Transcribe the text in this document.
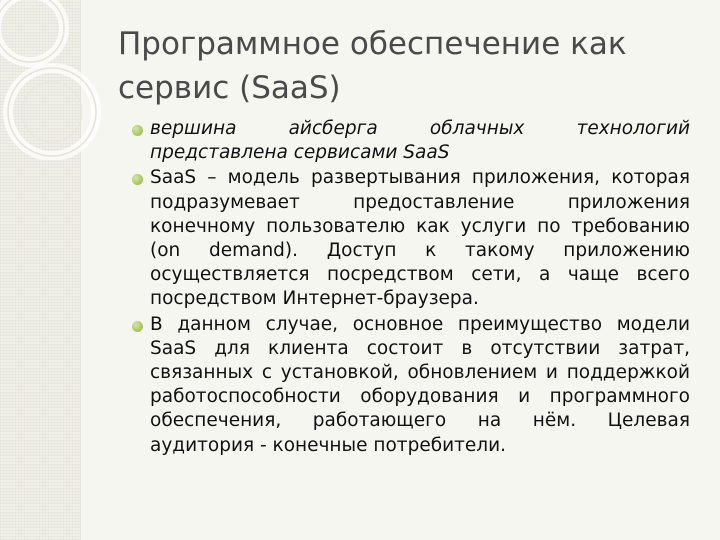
Программное обеспечение как сервис (SaaS)
вершина айсберга облачных технологий представлена сервисами SaaS
SaaS – модель развертывания приложения, которая подразумевает предоставление приложения конечному пользователю как услуги по требованию (on demand). Доступ к такому приложению осуществляется посредством сети, а чаще всего посредством Интернет-браузера.
В данном случае, основное преимущество модели SaaS для клиента состоит в отсутствии затрат, связанных с установкой, обновлением и поддержкой работоспособности оборудования и программного обеспечения, работающего на нём. Целевая аудитория - конечные потребители.
